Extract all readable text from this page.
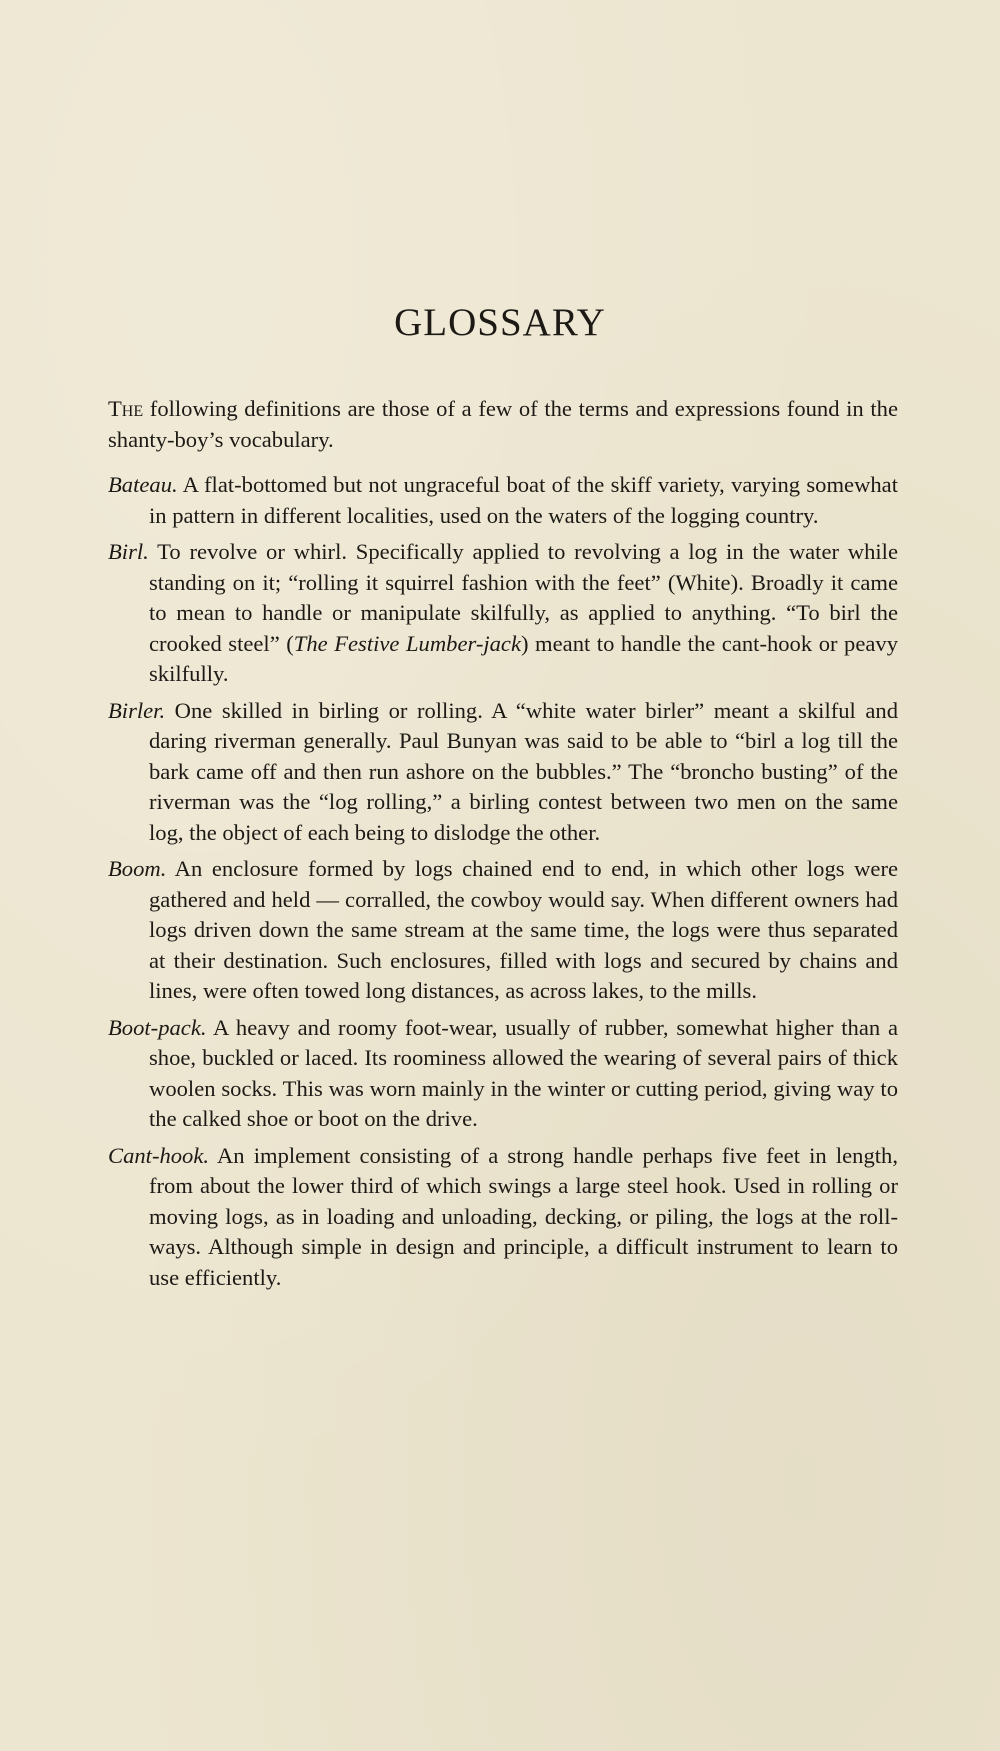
GLOSSARY

The following definitions are those of a few of the terms and expressions found in the shanty-boy’s vocabulary.

Bateau. A flat-bottomed but not ungraceful boat of the skiff variety, varying somewhat in pattern in different localities, used on the waters of the logging country.

Birl. To revolve or whirl. Specifically applied to revolving a log in the water while standing on it; “rolling it squirrel fashion with the feet” (White). Broadly it came to mean to handle or manipulate skilfully, as applied to anything. “To birl the crooked steel” (The Festive Lumber-jack) meant to handle the cant-hook or peavy skilfully.

Birler. One skilled in birling or rolling. A “white water birler” meant a skilful and daring riverman generally. Paul Bunyan was said to be able to “birl a log till the bark came off and then run ashore on the bubbles.” The “broncho busting” of the riverman was the “log rolling,” a birling contest between two men on the same log, the object of each being to dislodge the other.

Boom. An enclosure formed by logs chained end to end, in which other logs were gathered and held — corralled, the cowboy would say. When different owners had logs driven down the same stream at the same time, the logs were thus separated at their destination. Such enclosures, filled with logs and secured by chains and lines, were often towed long distances, as across lakes, to the mills.

Boot-pack. A heavy and roomy foot-wear, usually of rubber, somewhat higher than a shoe, buckled or laced. Its roominess allowed the wearing of several pairs of thick woolen socks. This was worn mainly in the winter or cutting period, giving way to the calked shoe or boot on the drive.

Cant-hook. An implement consisting of a strong handle perhaps five feet in length, from about the lower third of which swings a large steel hook. Used in rolling or moving logs, as in loading and unloading, decking, or piling, the logs at the roll-ways. Although simple in design and principle, a difficult instrument to learn to use efficiently.
